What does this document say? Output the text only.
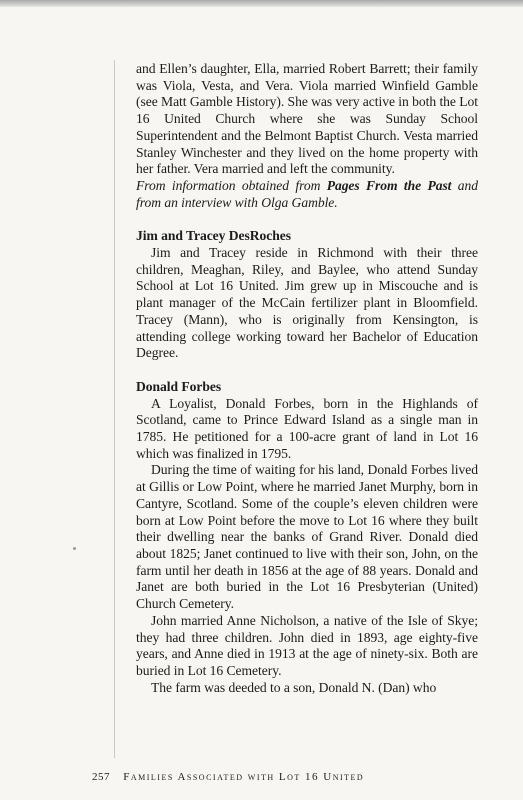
and Ellen’s daughter, Ella, married Robert Barrett; their family was Viola, Vesta, and Vera. Viola married Winfield Gamble (see Matt Gamble History). She was very active in both the Lot 16 United Church where she was Sunday School Superintendent and the Belmont Baptist Church. Vesta married Stanley Winchester and they lived on the home property with her father. Vera married and left the community.

From information obtained from Pages From the Past and from an interview with Olga Gamble.

Jim and Tracey DesRoches

Jim and Tracey reside in Richmond with their three children, Meaghan, Riley, and Baylee, who attend Sunday School at Lot 16 United. Jim grew up in Miscouche and is plant manager of the McCain fertilizer plant in Bloomfield. Tracey (Mann), who is originally from Kensington, is attending college working toward her Bachelor of Education Degree.

Donald Forbes

A Loyalist, Donald Forbes, born in the Highlands of Scotland, came to Prince Edward Island as a single man in 1785. He petitioned for a 100-acre grant of land in Lot 16 which was finalized in 1795.

During the time of waiting for his land, Donald Forbes lived at Gillis or Low Point, where he married Janet Murphy, born in Cantyre, Scotland. Some of the couple’s eleven children were born at Low Point before the move to Lot 16 where they built their dwelling near the banks of Grand River. Donald died about 1825; Janet continued to live with their son, John, on the farm until her death in 1856 at the age of 88 years. Donald and Janet are both buried in the Lot 16 Presbyterian (United) Church Cemetery.

John married Anne Nicholson, a native of the Isle of Skye; they had three children. John died in 1893, age eighty-five years, and Anne died in 1913 at the age of ninety-six. Both are buried in Lot 16 Cemetery.

The farm was deeded to a son, Donald N. (Dan) who

257 Families Associated with Lot 16 United
